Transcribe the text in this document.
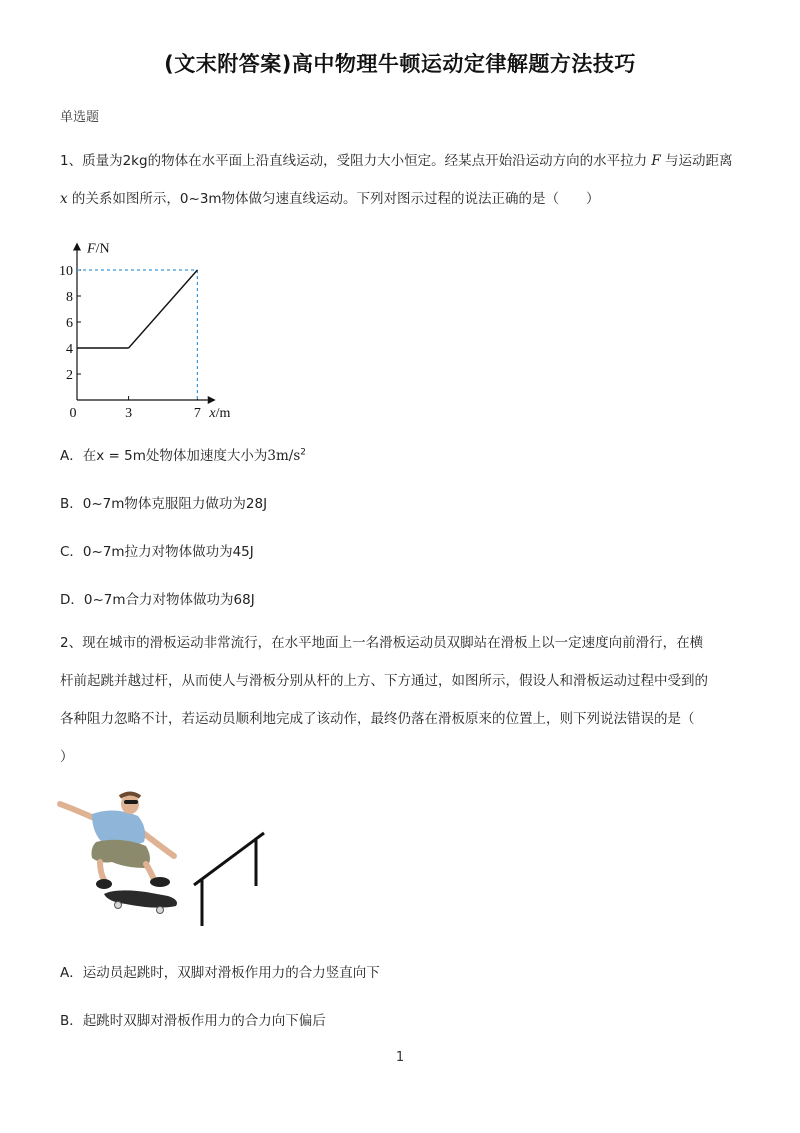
(文末附答案)高中物理牛顿运动定律解题方法技巧
单选题
1、质量为2kg的物体在水平面上沿直线运动，受阻力大小恒定。经某点开始沿运动方向的水平拉力 F 与运动距离 x 的关系如图所示，0~3m物体做匀速直线运动。下列对图示过程的说法正确的是（　　）
F/N
x/m
0
2
4
6
8
10
3	7
A．在x = 5m处物体加速度大小为$3m/s^2$
B．0~7m物体克服阻力做功为28J
C．0~7m拉力对物体做功为45J
D．0~7m合力对物体做功为68J
2、现在城市的滑板运动非常流行，在水平地面上一名滑板运动员双脚站在滑板上以一定速度向前滑行，在横
杆前起跳并越过杆，从而使人与滑板分别从杆的上方、下方通过，如图所示，假设人和滑板运动过程中受到的
各种阻力忽略不计，若运动员顺利地完成了该动作，最终仍落在滑板原来的位置上，则下列说法错误的是（
）
A．运动员起跳时，双脚对滑板作用力的合力竖直向下
B．起跳时双脚对滑板作用力的合力向下偏后
1
